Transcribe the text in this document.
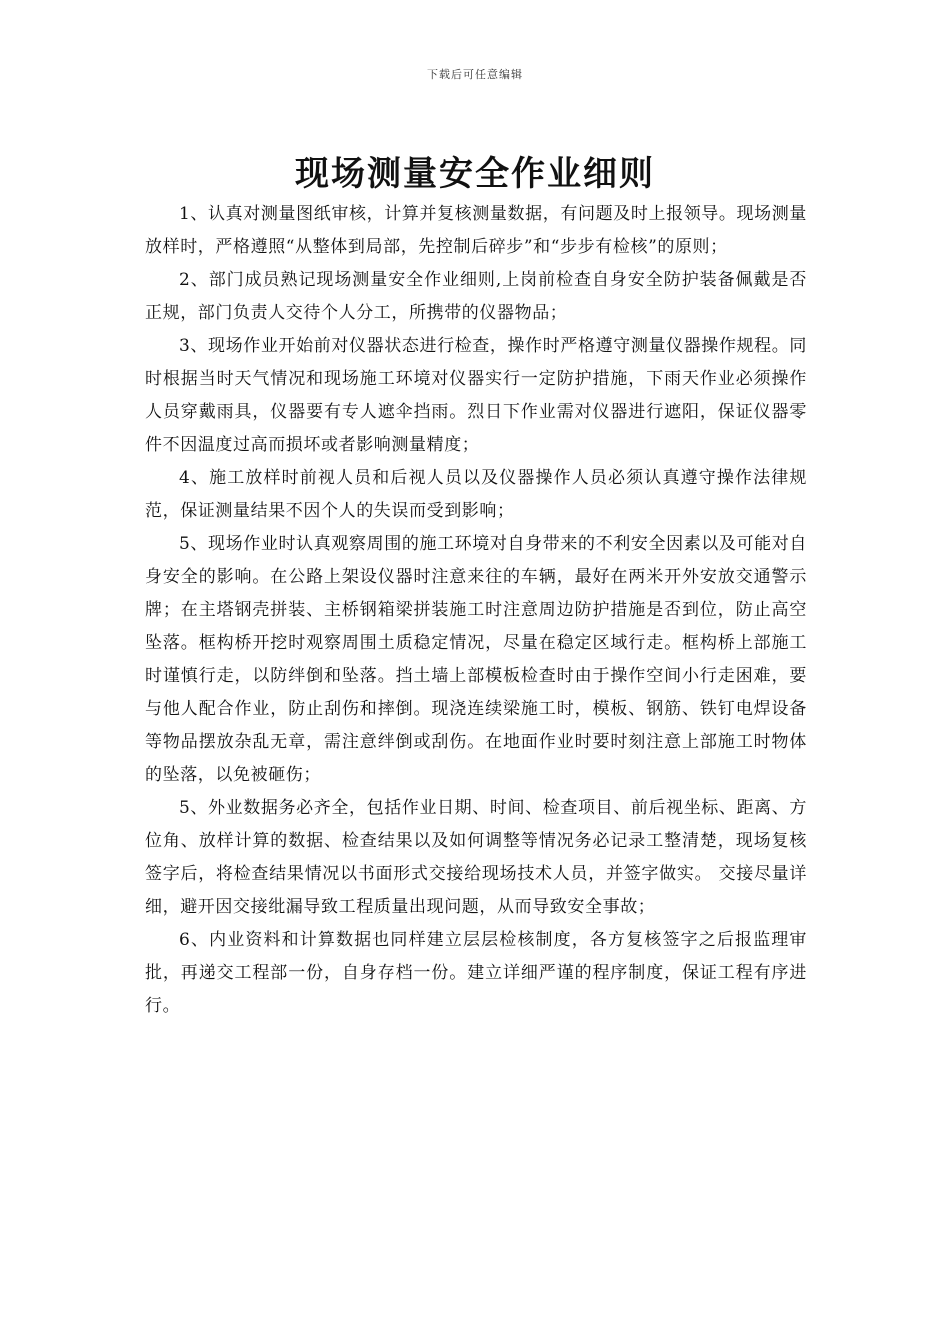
下载后可任意编辑
现场测量安全作业细则

1、认真对测量图纸审核，计算并复核测量数据，有问题及时上报领导。现场测量放样时，严格遵照“从整体到局部，先控制后碎步”和“步步有检核”的原则；

2、部门成员熟记现场测量安全作业细则,上岗前检查自身安全防护装备佩戴是否正规，部门负责人交待个人分工，所携带的仪器物品；

3、现场作业开始前对仪器状态进行检查，操作时严格遵守测量仪器操作规程。同时根据当时天气情况和现场施工环境对仪器实行一定防护措施，下雨天作业必须操作人员穿戴雨具，仪器要有专人遮伞挡雨。烈日下作业需对仪器进行遮阳，保证仪器零件不因温度过高而损坏或者影响测量精度；

4、施工放样时前视人员和后视人员以及仪器操作人员必须认真遵守操作法律规范，保证测量结果不因个人的失误而受到影响；

5、现场作业时认真观察周围的施工环境对自身带来的不利安全因素以及可能对自身安全的影响。在公路上架设仪器时注意来往的车辆，最好在两米开外安放交通警示牌；在主塔钢壳拼装、主桥钢箱梁拼装施工时注意周边防护措施是否到位，防止高空坠落。框构桥开挖时观察周围土质稳定情况，尽量在稳定区域行走。框构桥上部施工时谨慎行走，以防绊倒和坠落。挡土墙上部模板检查时由于操作空间小行走困难，要与他人配合作业，防止刮伤和摔倒。现浇连续梁施工时，模板、钢筋、铁钉电焊设备等物品摆放杂乱无章，需注意绊倒或刮伤。在地面作业时要时刻注意上部施工时物体的坠落，以免被砸伤；

5、外业数据务必齐全，包括作业日期、时间、检查项目、前后视坐标、距离、方位角、放样计算的数据、检查结果以及如何调整等情况务必记录工整清楚，现场复核签字后，将检查结果情况以书面形式交接给现场技术人员，并签字做实。 交接尽量详细，避开因交接纰漏导致工程质量出现问题，从而导致安全事故；

6、内业资料和计算数据也同样建立层层检核制度，各方复核签字之后报监理审批，再递交工程部一份，自身存档一份。建立详细严谨的程序制度，保证工程有序进行。
